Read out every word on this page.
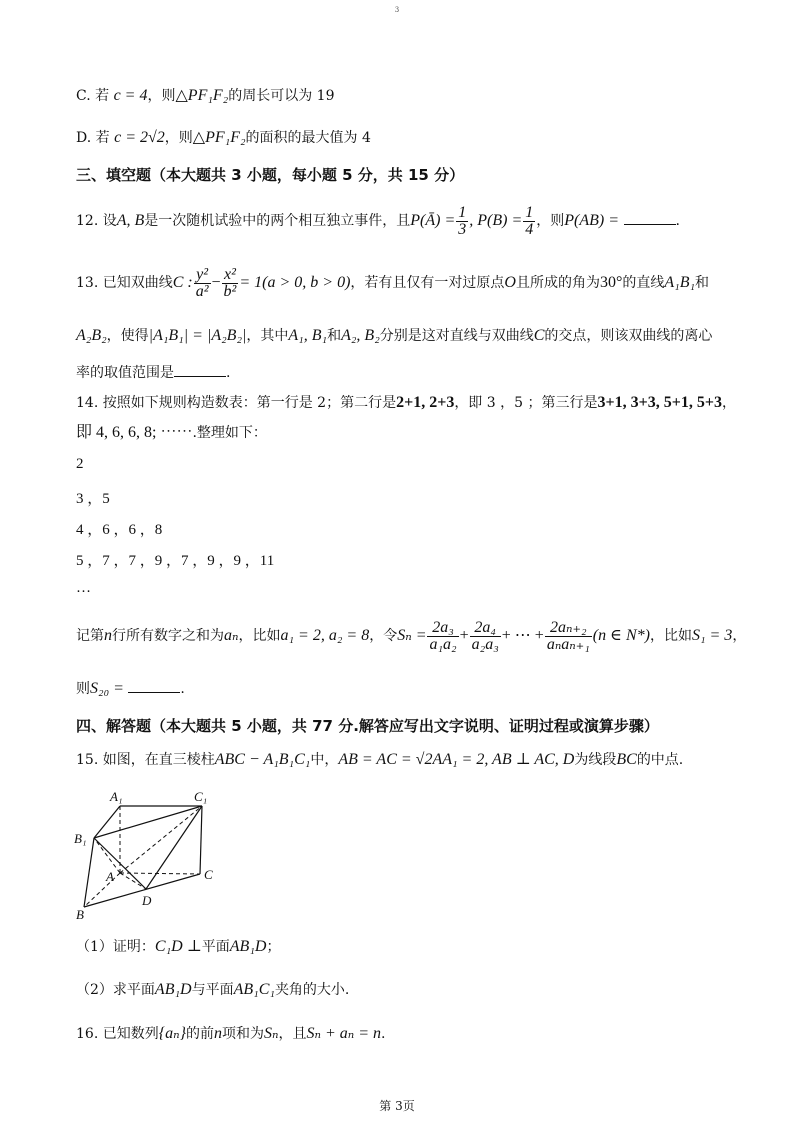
3
C. 若 c = 4，则△PF₁F₂的周长可以为 19
D. 若 c = 2√2，则△PF₁F₂的面积的最大值为 4
三、填空题（本大题共 3 小题，每小题 5 分，共 15 分）
12. 设A, B是一次随机试验中的两个相互独立事件，且P(Ā) = $\frac{1}{3}$ , $P(B) = \frac{1}{4}$ ，则P(AB) =	.
13. 已知双曲线C : $\frac{\text{y²}}{\text{a²}} - \frac{\text{x²}}{\text{b²}} = 1(a > 0$, b > 0)，若有且仅有一对过原点O且所成的角为30°的直线A₁B₁和
A₂B₂，使得|A₁B₁| = |A₂B₂|，其中A₁, B₁和A₂, B₂分别是这对直线与双曲线C的交点，则该双曲线的离心
率的取值范围是	.
14. 按照如下规则构造数表：第一行是 2；第二行是2+1, 2+3，即 3 ，5 ；第三行是3+1, 3+3, 5+1, 5+3，
即 4, 6, 6, 8; ⋯⋯.整理如下：
2
3 ，5
4 ，6 ，6 ，8
5 ，7 ，7 ，9 ，7 ，9 ，9 ，11
…
记第n行所有数字之和为aₙ，比如a₁ = 2, a₂ = 8，令$S_n = \frac{\text{2a₃}}{\text{a₁a₂}} + \frac{\text{2a₄}}{\text{a₂a₃}}$ + ⋯ + $\frac{\text{2aₙ₊₂}}{\text{aₙaₙ₊₁}} (n$ ∈ N*)，比如S₁ = 3，
则S₂₀ =	.
四、解答题（本大题共 5 小题，共 77 分.解答应写出文字说明、证明过程或演算步骤）
15. 如图，在直三棱柱ABC − A₁B₁C₁中，AB = AC = √2AA₁ = 2, AB ⊥ AC, D为线段BC的中点.
A₁	C₁
B₁
A	C
D
B
（1）证明：C₁D ⊥平面AB₁D；
（2）求平面AB₁D与平面AB₁C₁夹角的大小.
16. 已知数列{aₙ}的前n项和为Sₙ，且Sₙ + aₙ = n.
第 3页
